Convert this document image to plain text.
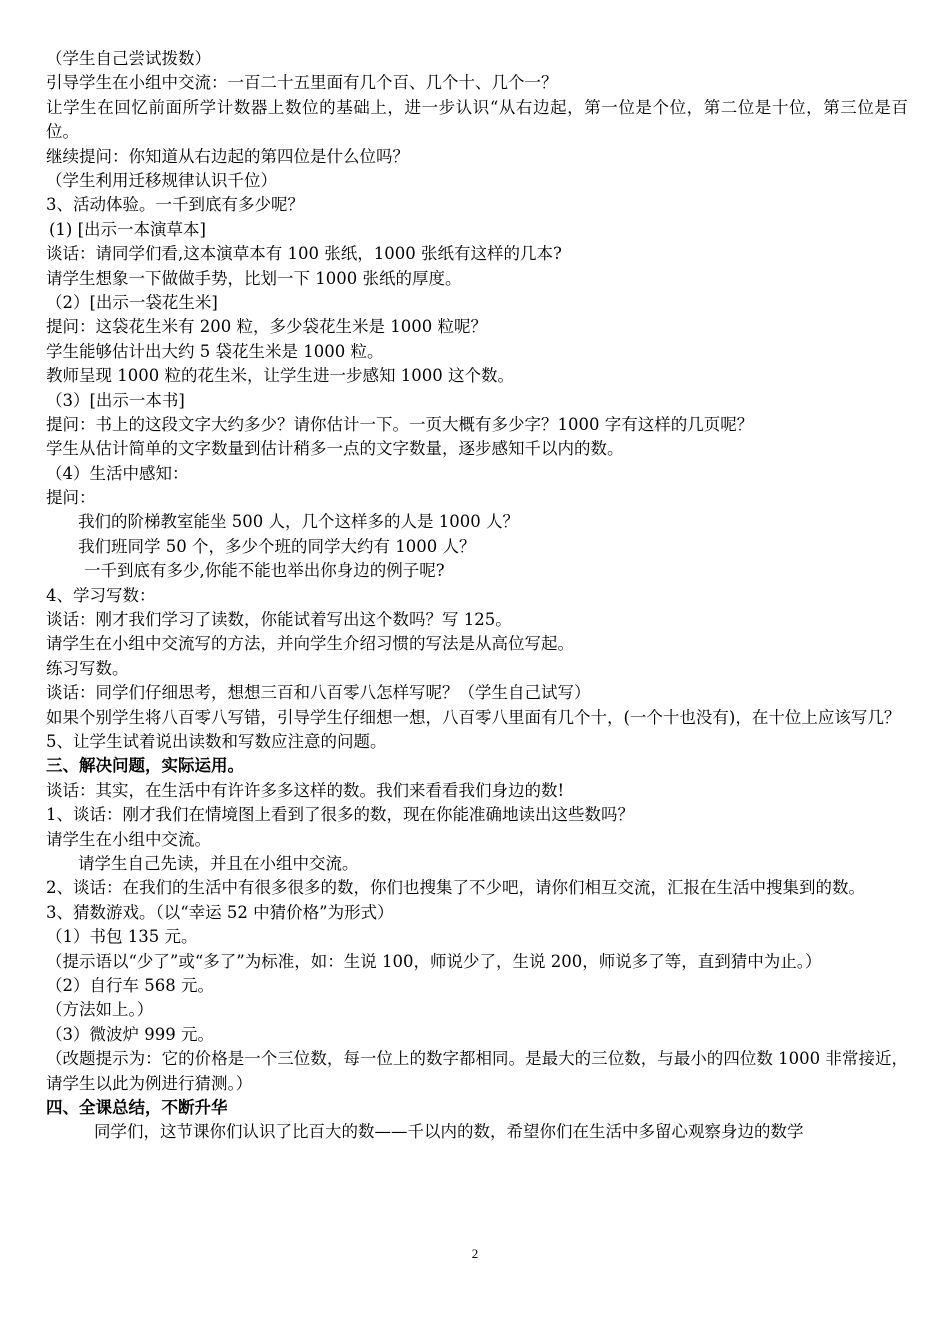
（学生自己尝试拨数）
引导学生在小组中交流：一百二十五里面有几个百、几个十、几个一？
让学生在回忆前面所学计数器上数位的基础上，进一步认识“从右边起，第一位是个位，第二位是十位，第三位是百位。
继续提问：你知道从右边起的第四位是什么位吗？
（学生利用迁移规律认识千位）
3、活动体验。一千到底有多少呢？
(1) [出示一本演草本]
谈话：请同学们看,这本演草本有 100 张纸，1000 张纸有这样的几本?
请学生想象一下做做手势，比划一下 1000 张纸的厚度。
（2）[出示一袋花生米]
提问：这袋花生米有 200 粒，多少袋花生米是 1000 粒呢？
学生能够估计出大约 5 袋花生米是 1000 粒。
教师呈现 1000 粒的花生米，让学生进一步感知 1000 这个数。
（3）[出示一本书]
提问：书上的这段文字大约多少？请你估计一下。一页大概有多少字？1000 字有这样的几页呢？
学生从估计简单的文字数量到估计稍多一点的文字数量，逐步感知千以内的数。
（4）生活中感知：
提问：
我们的阶梯教室能坐 500 人，几个这样多的人是 1000 人？
我们班同学 50 个，多少个班的同学大约有 1000 人？
一千到底有多少,你能不能也举出你身边的例子呢?
4、学习写数：
谈话：刚才我们学习了读数，你能试着写出这个数吗？写 125。
请学生在小组中交流写的方法，并向学生介绍习惯的写法是从高位写起。
练习写数。
谈话：同学们仔细思考，想想三百和八百零八怎样写呢？（学生自己试写）
如果个别学生将八百零八写错，引导学生仔细想一想，八百零八里面有几个十，(一个十也没有)，在十位上应该写几？
5、让学生试着说出读数和写数应注意的问题。
三、解决问题，实际运用。
谈话：其实，在生活中有许许多多这样的数。我们来看看我们身边的数!
1、谈话：刚才我们在情境图上看到了很多的数，现在你能准确地读出这些数吗？
请学生在小组中交流。
请学生自己先读，并且在小组中交流。
2、谈话：在我们的生活中有很多很多的数，你们也搜集了不少吧，请你们相互交流，汇报在生活中搜集到的数。
3、猜数游戏。（以“幸运 52 中猜价格”为形式）
（1）书包 135 元。
（提示语以“少了”或“多了”为标准，如：生说 100，师说少了，生说 200，师说多了等，直到猜中为止。）
（2）自行车 568 元。
（方法如上。）
（3）微波炉 999 元。
（改题提示为：它的价格是一个三位数，每一位上的数字都相同。是最大的三位数，与最小的四位数 1000 非常接近，请学生以此为例进行猜测。）
四、全课总结，不断升华
同学们，这节课你们认识了比百大的数——千以内的数，希望你们在生活中多留心观察身边的数学
2
